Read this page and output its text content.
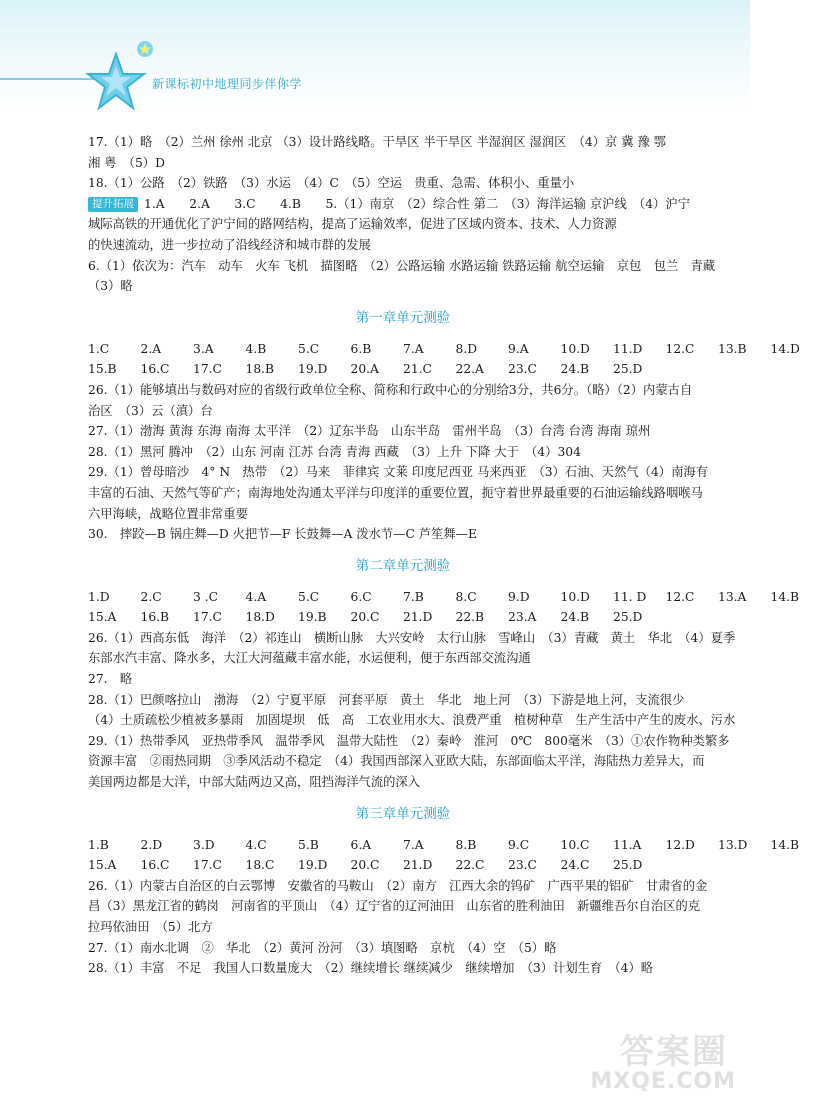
新课标初中地理同步伴你学
17.（1）略　（2）兰州 徐州 北京 （3）设计路线略。干旱区 半干旱区 半湿润区 湿润区　（4）京 冀 豫 鄂
湘 粤　（5）D
18.（1）公路　（2）铁路　（3）水运　（4）C　（5）空运　贵重、急需、体积小、重量小
提升拓展 1.A　　2.A　　3.C　　4.B　　5.（1）南京　（2）综合性 第二　（3）海洋运输 京沪线　（4）沪宁
城际高铁的开通优化了沪宁间的路网结构，提高了运输效率，促进了区域内资本、技术、人力资源
的快速流动，进一步拉动了沿线经济和城市群的发展
6.（1）依次为：汽车　动车　火车 飞机　描图略　（2）公路运输 水路运输 铁路运输 航空运输　京包　包兰　青藏
（3）略
第一章单元测验
1.C	2.A	3.A	4.B	5.C	6.B	7.A	8.D	9.A	10.D	11.D	12.C	13.B	14.D
15.B	16.C	17.C	18.B	19.D	20.A	21.C	22.A	23.C	24.B	25.D
26.（1）能够填出与数码对应的省级行政单位全称、简称和行政中心的分别给3分，共6分。（略）（2）内蒙古自
治区　（3）云（滇）台
27.（1）渤海 黄海 东海 南海 太平洋　（2）辽东半岛　山东半岛　雷州半岛　（3）台湾 台湾 海南 琼州
28.（1）黑河 腾冲　（2）山东 河南 江苏 台湾 青海 西藏　（3）上升 下降 大于　（4）304
29.（1）曾母暗沙　4° N　热带　（2）马来　菲律宾 文莱 印度尼西亚 马来西亚　（3）石油、天然气（4）南海有
丰富的石油、天然气等矿产；南海地处沟通太平洋与印度洋的重要位置，扼守着世界最重要的石油运输线路咽喉马
六甲海峡，战略位置非常重要
30.　摔跤—B 锅庄舞—D 火把节—F 长鼓舞—A 泼水节—C 芦笙舞—E
第二章单元测验
1.D	2.C	3 .C	4.A	5.C	6.C	7.B	8.C	9.D	10.D	11. D	12.C	13.A	14.B
15.A	16.B	17.C	18.D	19.B	20.C	21.D	22.B	23.A	24.B	25.D
26.（1）西高东低　海洋　（2）祁连山　横断山脉　大兴安岭　太行山脉　雪峰山　（3）青藏　黄土　华北　（4）夏季
东部水汽丰富、降水多，大江大河蕴藏丰富水能，水运便利，便于东西部交流沟通
27.　略
28.（1）巴颜喀拉山　渤海　（2）宁夏平原　河套平原　黄土　华北　地上河　（3）下游是地上河，支流很少
（4）土质疏松少植被多暴雨　加固堤坝　低　高　工农业用水大、浪费严重　植树种草　生产生活中产生的废水、污水
29.（1）热带季风　亚热带季风　温带季风　温带大陆性　（2）秦岭　淮河　0℃　800毫米　（3）①农作物种类繁多
资源丰富　②雨热同期　③季风活动不稳定　（4）我国西部深入亚欧大陆，东部面临太平洋，海陆热力差异大，而
美国两边都是大洋，中部大陆两边又高，阻挡海洋气流的深入
第三章单元测验
1.B	2.D	3.D	4.C	5.B	6.A	7.A	8.B	9.C	10.C	11.A	12.D	13.D	14.B
15.A	16.C	17.C	18.C	19.D	20.C	21.D	22.C	23.C	24.C	25.D
26.（1）内蒙古自治区的白云鄂博　安徽省的马鞍山　（2）南方　江西大余的钨矿　广西平果的铝矿　甘肃省的金
昌（3）黑龙江省的鹤岗　河南省的平顶山　（4）辽宁省的辽河油田　山东省的胜利油田　新疆维吾尔自治区的克
拉玛依油田　（5）北方
27.（1）南水北调　②　华北　（2）黄河 汾河　（3）填图略　京杭　（4）空　（5）略
28.（1）丰富　不足　我国人口数量庞大　（2）继续增长 继续减少　继续增加　（3）计划生育　（4）略
答案圈
MXQE.COM
